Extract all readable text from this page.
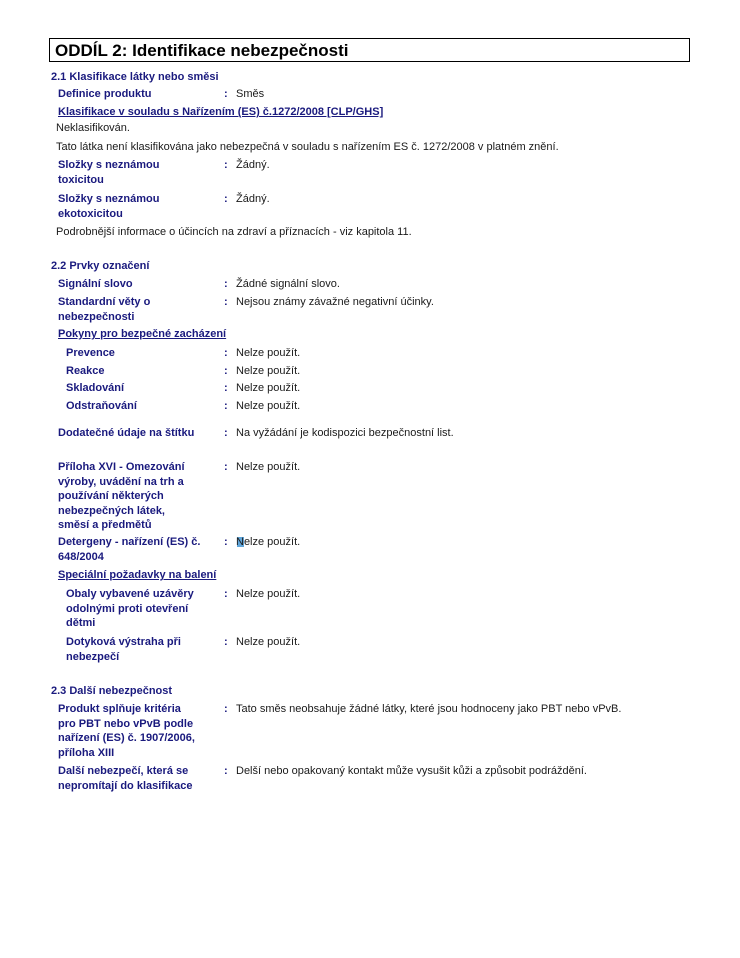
ODDÍL 2: Identifikace nebezpečnosti
2.1 Klasifikace látky nebo směsi
Definice produktu	: Směs
Klasifikace v souladu s Nařízením (ES) č.1272/2008 [CLP/GHS]
Neklasifikován.
Tato látka není klasifikována jako nebezpečná v souladu s nařízením ES č. 1272/2008 v platném znění.
Složky s neznámou
toxicitou
: Žádný.
Složky s neznámou
ekotoxicitou
: Žádný.
Podrobnější informace o účincích na zdraví a příznacích - viz kapitola 11.
2.2 Prvky označení
Signální slovo	: Žádné signální slovo.
Standardní věty o
nebezpečnosti
: Nejsou známy závažné negativní účinky.
Pokyny pro bezpečné zacházení
Prevence	: Nelze použít.
Reakce	: Nelze použít.
Skladování	: Nelze použít.
Odstraňování	: Nelze použít.
Dodatečné údaje na štítku	: Na vyžádání je kodispozici bezpečnostní list.
Příloha XVI - Omezování
výroby, uvádění na trh a
používání některých
nebezpečných látek,
směsí a předmětů
: Nelze použít.
Detergeny - nařízení (ES) č.
648/2004
: Nelze použít.
Speciální požadavky na balení
Obaly vybavené uzávěry
odolnými proti otevření
dětmi
: Nelze použít.
Dotyková výstraha při
nebezpečí
: Nelze použít.
2.3 Další nebezpečnost
Produkt splňuje kritéria
pro PBT nebo vPvB podle
nařízení (ES) č. 1907/2006,
příloha XIII
: Tato směs neobsahuje žádné látky, které jsou hodnoceny jako PBT nebo vPvB.
Další nebezpečí, která se
nepromítají do klasifikace
: Delší nebo opakovaný kontakt může vysušit kůži a způsobit podráždění.
